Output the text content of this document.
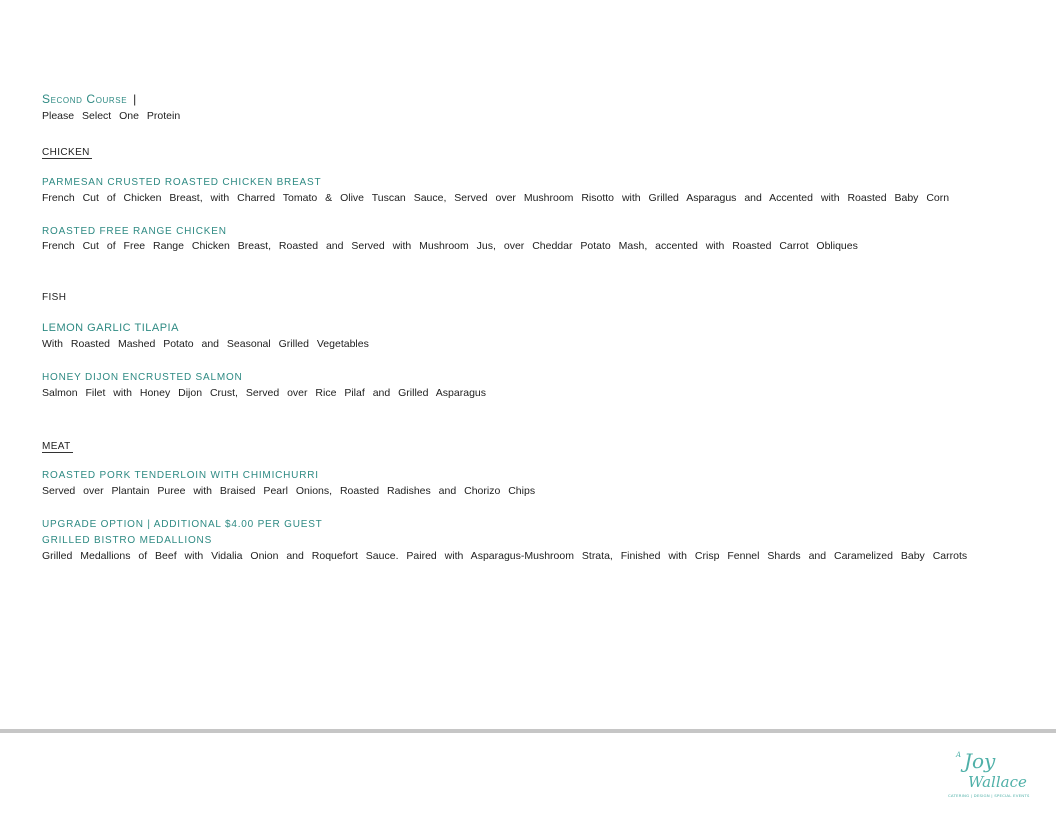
Second Course |
Please Select One Protein
CHICKEN
PARMESAN CRUSTED ROASTED CHICKEN BREAST
French Cut of Chicken Breast, with Charred Tomato & Olive Tuscan Sauce, Served over Mushroom Risotto with Grilled Asparagus and Accented with Roasted Baby Corn
ROASTED FREE RANGE CHICKEN
French Cut of Free Range Chicken Breast, Roasted and Served with Mushroom Jus, over Cheddar Potato Mash, accented with Roasted Carrot Obliques
FISH
LEMON GARLIC TILAPIA
With Roasted Mashed Potato and Seasonal Grilled Vegetables
HONEY DIJON ENCRUSTED SALMON
Salmon Filet with Honey Dijon Crust, Served over Rice Pilaf and Grilled Asparagus
MEAT
ROASTED PORK TENDERLOIN WITH CHIMICHURRI
Served over Plantain Puree with Braised Pearl Onions, Roasted Radishes and Chorizo Chips
UPGRADE OPTION | ADDITIONAL $4.00 PER GUEST
GRILLED BISTRO MEDALLIONS
Grilled Medallions of Beef with Vidalia Onion and Roquefort Sauce. Paired with Asparagus-Mushroom Strata, Finished with Crisp Fennel Shards and Caramelized Baby Carrots
A Joy
Wallace
CATERING | DESIGN | SPECIAL EVENTS
